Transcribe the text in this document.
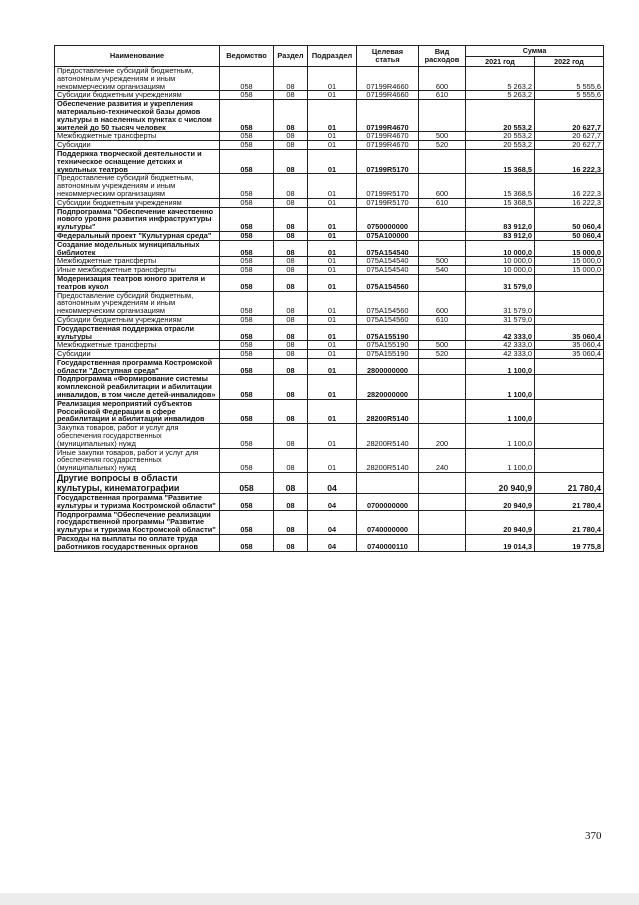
Наименование	Ведомство	Раздел	Подраздел	Целевая статья	Вид расходов	Сумма	
						2021 год	2022 год
Предоставление субсидий бюджетным, автономным учреждениям и иным некоммерческим организациям	058	08	01	07199R4660	600	5 263,2	5 555,6
Субсидии бюджетным учреждениям	058	08	01	07199R4660	610	5 263,2	5 555,6
Обеспечение развития и укрепления материально-технической базы домов культуры в населенных пунктах с числом жителей до 50 тысяч человек	058	08	01	07199R4670		20 553,2	20 627,7
Межбюджетные трансферты	058	08	01	07199R4670	500	20 553,2	20 627,7
Субсидии	058	08	01	07199R4670	520	20 553,2	20 627,7
Поддержка творческой деятельности и техническое оснащение детских и кукольных театров	058	08	01	07199R5170		15 368,5	16 222,3
Предоставление субсидий бюджетным, автономным учреждениям и иным некоммерческим организациям	058	08	01	07199R5170	600	15 368,5	16 222,3
Субсидии бюджетным учреждениям	058	08	01	07199R5170	610	15 368,5	16 222,3
Подпрограмма "Обеспечение качественно нового уровня развития инфраструктуры культуры"	058	08	01	0750000000		83 912,0	50 060,4
Федеральный проект "Культурная среда"	058	08	01	075A100000		83 912,0	50 060,4
Создание модельных муниципальных библиотек	058	08	01	075A154540		10 000,0	15 000,0
Межбюджетные трансферты	058	08	01	075A154540	500	10 000,0	15 000,0
Иные межбюджетные трансферты	058	08	01	075A154540	540	10 000,0	15 000,0
Модернизация театров юного зрителя и театров кукол	058	08	01	075A154560		31 579,0	
Предоставление субсидий бюджетным, автономным учреждениям и иным некоммерческим организациям	058	08	01	075A154560	600	31 579,0	
Субсидии бюджетным учреждениям	058	08	01	075A154560	610	31 579,0	
Государственная поддержка отрасли культуры	058	08	01	075A155190		42 333,0	35 060,4
Межбюджетные трансферты	058	08	01	075A155190	500	42 333,0	35 060,4
Субсидии	058	08	01	075A155190	520	42 333,0	35 060,4
Государственная программа Костромской области "Доступная среда"	058	08	01	2800000000		1 100,0	
Подпрограмма «Формирование системы комплексной реабилитации и абилитации инвалидов, в том числе детей-инвалидов»	058	08	01	2820000000		1 100,0	
Реализация мероприятий субъектов Российской Федерации в сфере реабилитации и абилитации инвалидов	058	08	01	28200R5140		1 100,0	
Закупка товаров, работ и услуг для обеспечения государственных (муниципальных) нужд	058	08	01	28200R5140	200	1 100,0	
Иные закупки товаров, работ и услуг для обеспечения государственных (муниципальных) нужд	058	08	01	28200R5140	240	1 100,0	
Другие вопросы в области культуры, кинематографии	058	08	04			20 940,9	21 780,4
Государственная программа "Развитие культуры и туризма Костромской области"	058	08	04	0700000000		20 940,9	21 780,4
Подпрограмма "Обеспечение реализации государственной программы "Развитие культуры и туризма Костромской области"	058	08	04	0740000000		20 940,9	21 780,4
Расходы на выплаты по оплате труда работников государственных органов	058	08	04	0740000110		19 014,3	19 775,8
370
